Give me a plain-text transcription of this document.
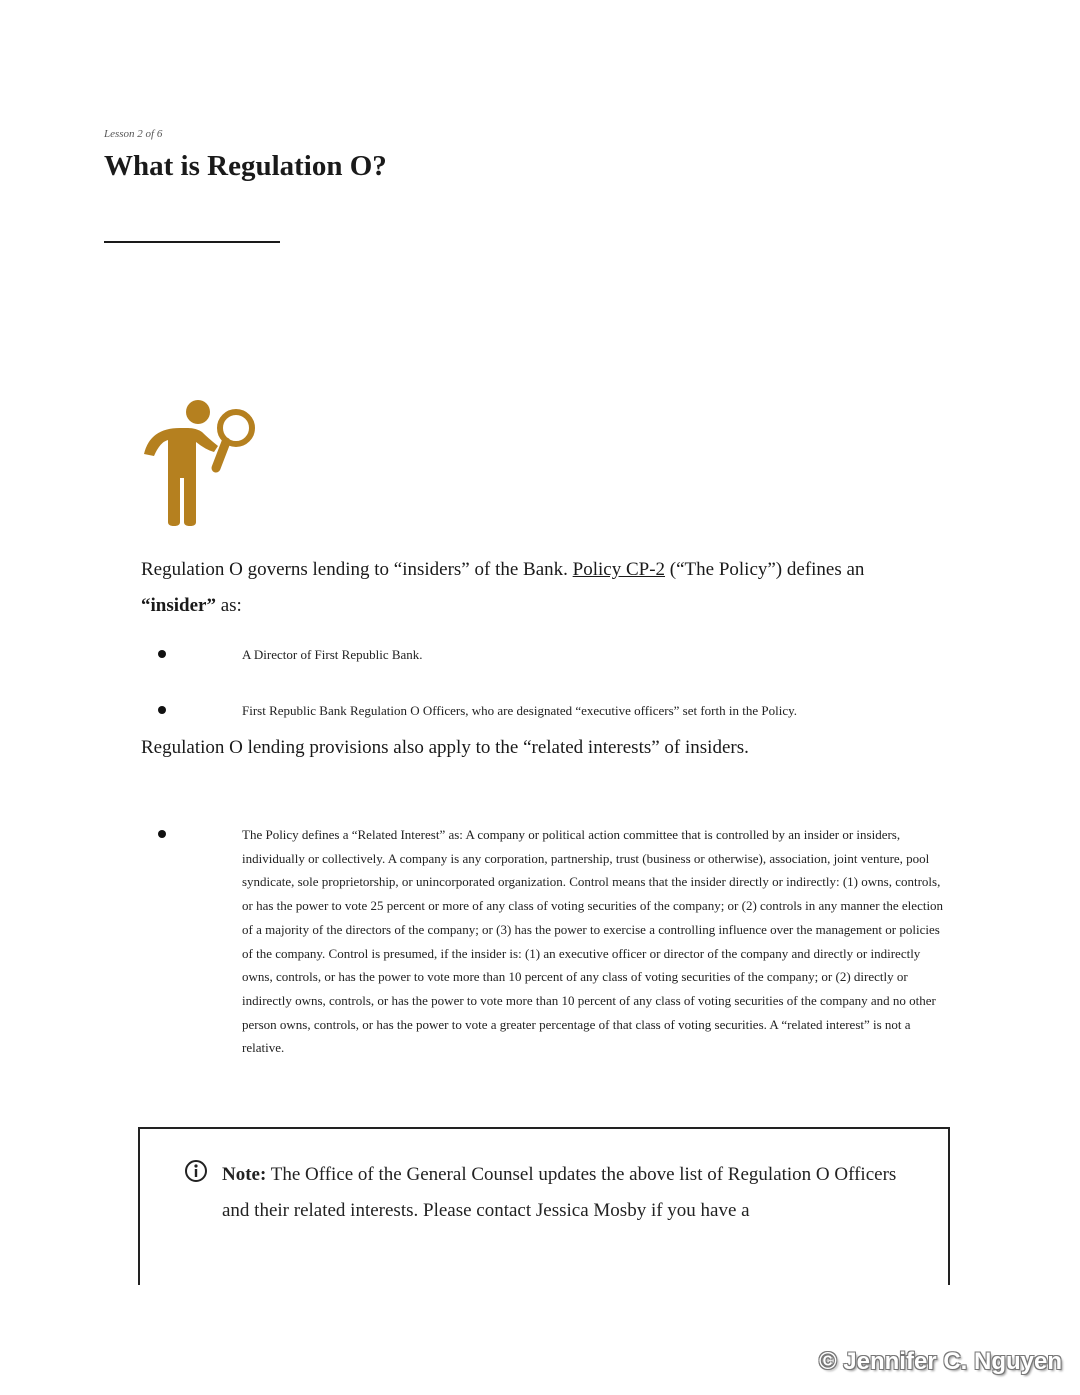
Lesson 2 of 6
What is Regulation O?

Regulation O governs lending to “insiders” of the Bank. Policy CP-2 (“The Policy”) defines an
“insider” as:

A Director of First Republic Bank.

First Republic Bank Regulation O Officers, who are designated “executive officers” set forth in the Policy.

Regulation O lending provisions also apply to the “related interests” of insiders.

The Policy defines a “Related Interest” as: A company or political action committee that is controlled by an insider or insiders, individually or collectively. A company is any corporation, partnership, trust (business or otherwise), association, joint venture, pool syndicate, sole proprietorship, or unincorporated organization. Control means that the insider directly or indirectly: (1) owns, controls, or has the power to vote 25 percent or more of any class of voting securities of the company; or (2) controls in any manner the election of a majority of the directors of the company; or (3) has the power to exercise a controlling influence over the management or policies of the company. Control is presumed, if the insider is: (1) an executive officer or director of the company and directly or indirectly owns, controls, or has the power to vote more than 10 percent of any class of voting securities of the company; or (2) directly or indirectly owns, controls, or has the power to vote more than 10 percent of any class of voting securities of the company and no other person owns, controls, or has the power to vote a greater percentage of that class of voting securities. A “related interest” is not a relative.

Note: The Office of the General Counsel updates the above list of Regulation O Officers and their related interests. Please contact Jessica Mosby if you have a

© Jennifer C. Nguyen
